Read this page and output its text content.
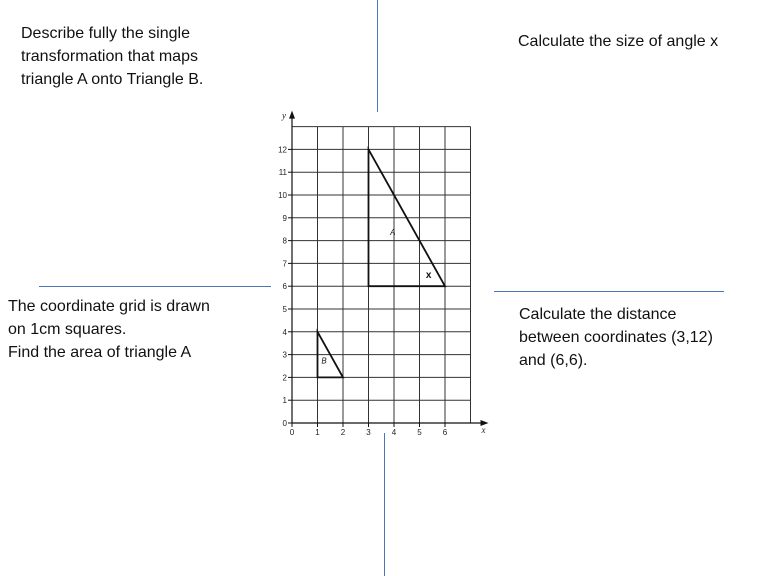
Describe fully the single
transformation that maps
triangle A onto Triangle B.
Calculate the size of angle x
The coordinate grid is drawn
on 1cm squares.
Find the area of triangle A
Calculate the distance
between coordinates (3,12)
and (6,6).
x
y
0	1	2	3	4	5	6
0
1
2
3
4
5
6
7
8
9
10
11
12
A
B
x
